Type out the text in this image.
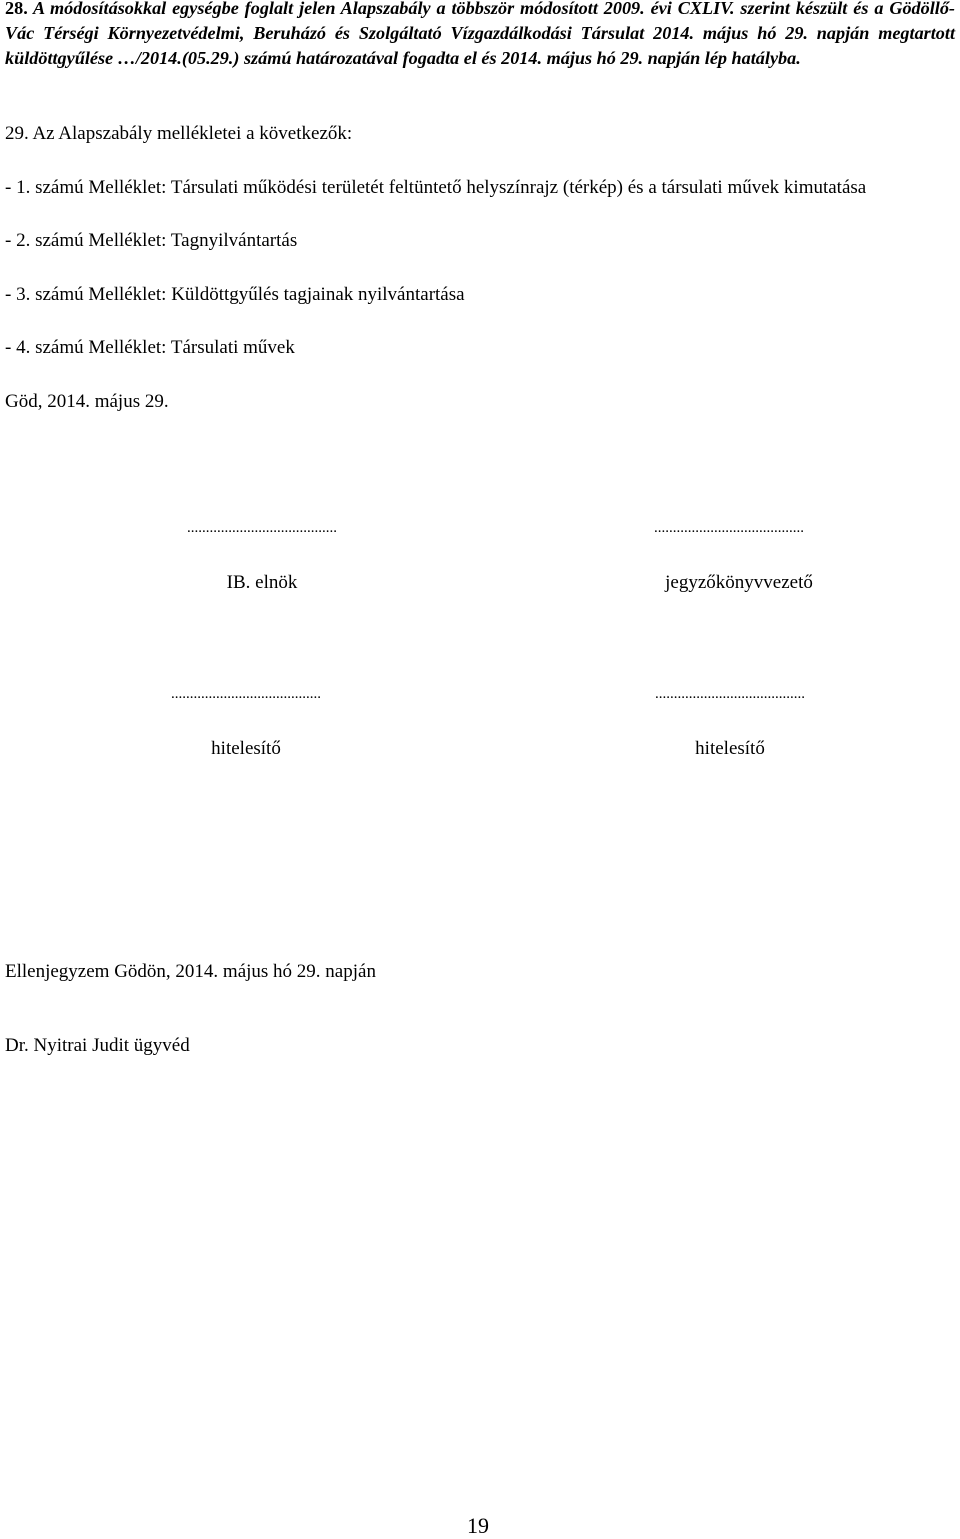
28. A módosításokkal egységbe foglalt jelen Alapszabály a többször módosított 2009. évi CXLIV. szerint készült és a Gödöllő-Vác Térségi Környezetvédelmi, Beruházó és Szolgáltató Vízgazdálkodási Társulat 2014. május hó 29. napján megtartott küldöttgyűlése …/2014.(05.29.) számú határozatával fogadta el és 2014. május hó 29. napján lép hatályba.
29. Az Alapszabály mellékletei a következők:
- 1. számú Melléklet: Társulati működési területét feltüntető helyszínrajz (térkép) és a társulati művek kimutatása
- 2. számú Melléklet: Tagnyilvántartás
- 3. számú Melléklet: Küldöttgyűlés tagjainak nyilvántartása
- 4. számú Melléklet: Társulati művek
Göd, 2014. május 29.
........................................	........................................
IB. elnök	jegyzőkönyvvezető
........................................	........................................
hitelesítő	hitelesítő
Ellenjegyzem Gödön, 2014. május hó 29. napján
Dr. Nyitrai Judit ügyvéd
19
